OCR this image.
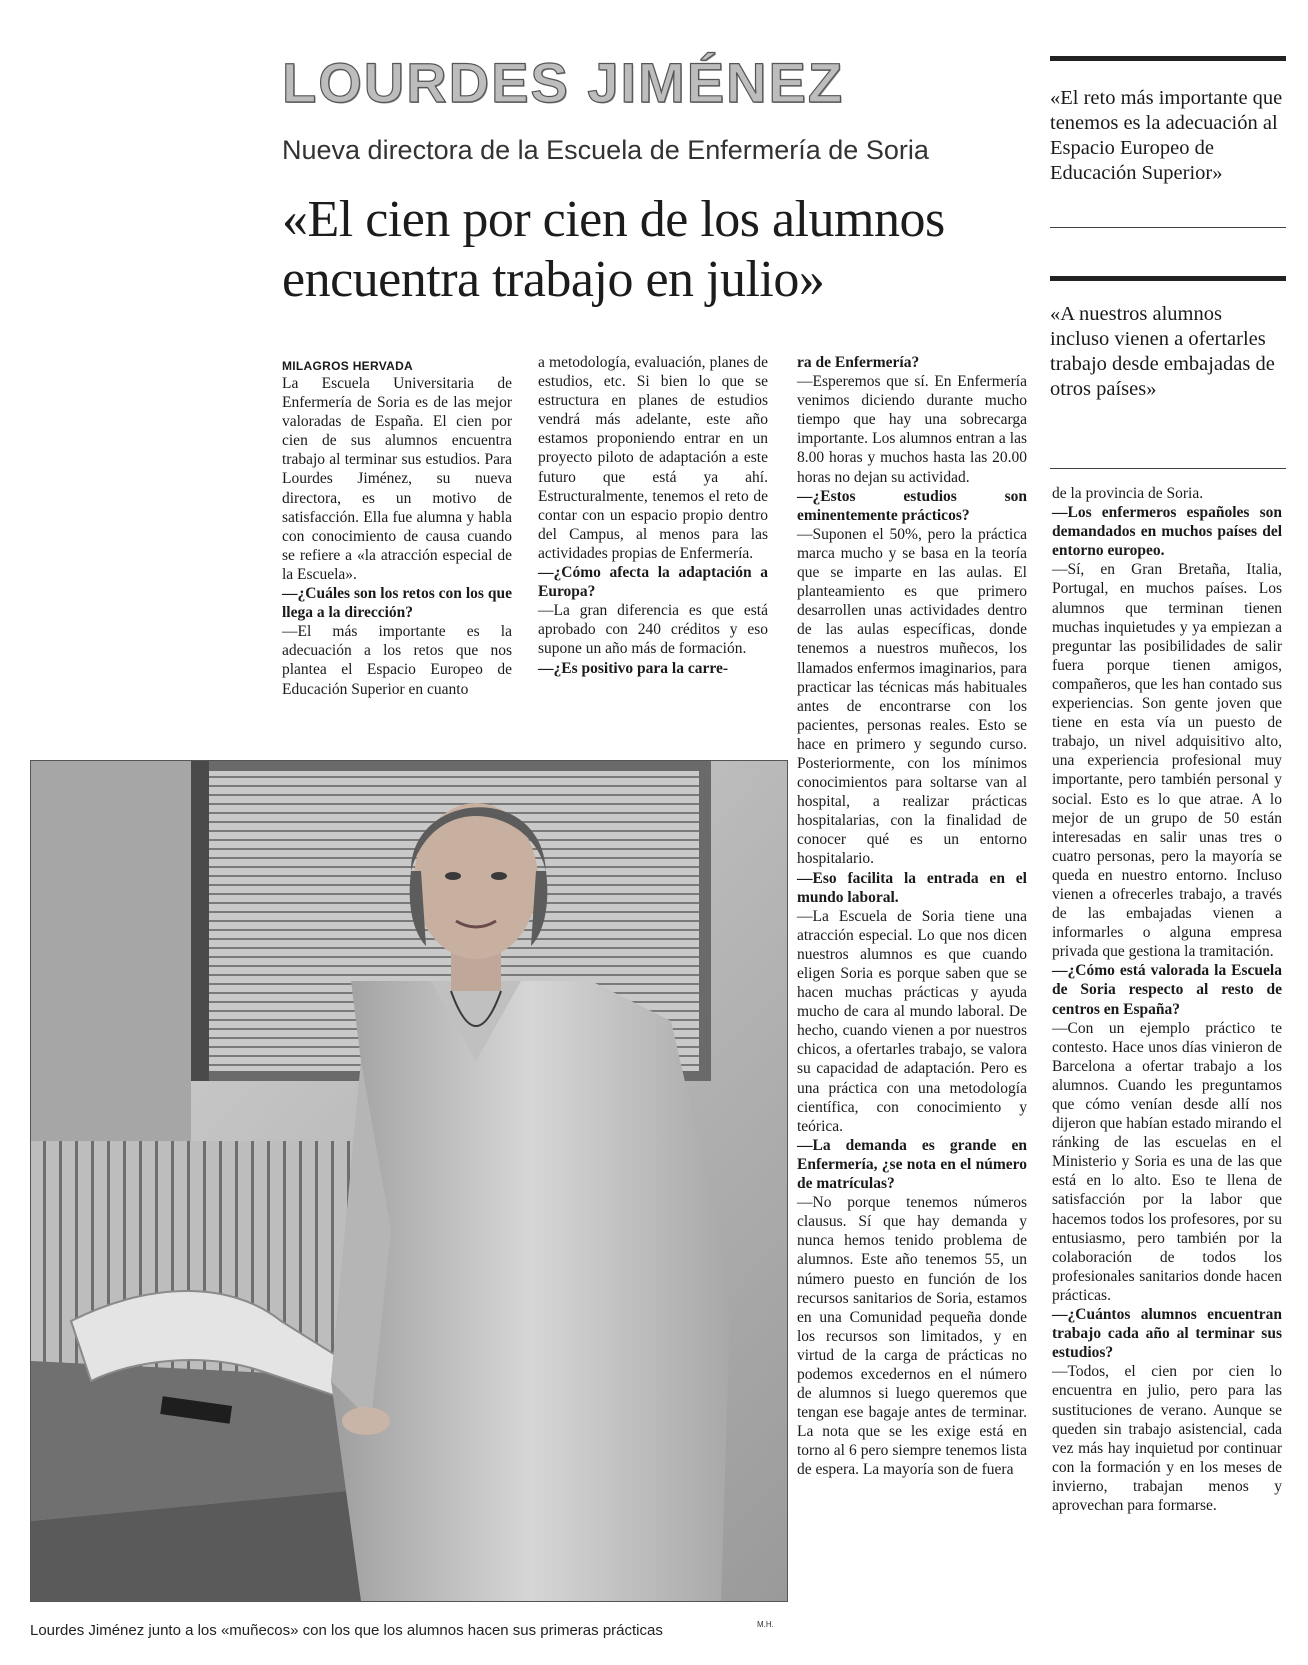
LOURDES JIMÉNEZ
Nueva directora de la Escuela de Enfermería de Soria
«El cien por cien de los alumnos encuentra trabajo en julio»
«El reto más importante que tenemos es la adecuación al Espacio Europeo de Educación Superior»
«A nuestros alumnos incluso vienen a ofertarles trabajo desde embajadas de otros países»
MILAGROS HERVADA

La Escuela Universitaria de Enfermería de Soria es de las mejor valoradas de España. El cien por cien de sus alumnos encuentra trabajo al terminar sus estudios. Para Lourdes Jiménez, su nueva directora, es un motivo de satisfacción. Ella fue alumna y habla con conocimiento de causa cuando se refiere a «la atracción especial de la Escuela».

—¿Cuáles son los retos con los que llega a la dirección?

—El más importante es la adecuación a los retos que nos plantea el Espacio Europeo de Educación Superior en cuanto

a metodología, evaluación, planes de estudios, etc. Si bien lo que se estructura en planes de estudios vendrá más adelante, este año estamos proponiendo entrar en un proyecto piloto de adaptación a este futuro que está ya ahí. Estructuralmente, tenemos el reto de contar con un espacio propio dentro del Campus, al menos para las actividades propias de Enfermería.

—¿Cómo afecta la adaptación a Europa?

—La gran diferencia es que está aprobado con 240 créditos y eso supone un año más de formación.

—¿Es positivo para la carre-

ra de Enfermería?

—Esperemos que sí. En Enfermería venimos diciendo durante mucho tiempo que hay una sobrecarga importante. Los alumnos entran a las 8.00 horas y muchos hasta las 20.00 horas no dejan su actividad.

—¿Estos estudios son eminentemente prácticos?

—Suponen el 50%, pero la práctica marca mucho y se basa en la teoría que se imparte en las aulas. El planteamiento es que primero desarrollen unas actividades dentro de las aulas específicas, donde tenemos a nuestros muñecos, los llamados enfermos imaginarios, para practicar las técnicas más habituales antes de encontrarse con los pacientes, personas reales. Esto se hace en primero y segundo curso. Posteriormente, con los mínimos conocimientos para soltarse van al hospital, a realizar prácticas hospitalarias, con la finalidad de conocer qué es un entorno hospitalario.

—Eso facilita la entrada en el mundo laboral.

—La Escuela de Soria tiene una atracción especial. Lo que nos dicen nuestros alumnos es que cuando eligen Soria es porque saben que se hacen muchas prácticas y ayuda mucho de cara al mundo laboral. De hecho, cuando vienen a por nuestros chicos, a ofertarles trabajo, se valora su capacidad de adaptación. Pero es una práctica con una metodología científica, con conocimiento y teórica.

—La demanda es grande en Enfermería, ¿se nota en el número de matrículas?

—No porque tenemos números clausus. Sí que hay demanda y nunca hemos tenido problema de alumnos. Este año tenemos 55, un número puesto en función de los recursos sanitarios de Soria, estamos en una Comunidad pequeña donde los recursos son limitados, y en virtud de la carga de prácticas no podemos excedernos en el número de alumnos si luego queremos que tengan ese bagaje antes de terminar. La nota que se les exige está en torno al 6 pero siempre tenemos lista de espera. La mayoría son de fuera

de la provincia de Soria.

—Los enfermeros españoles son demandados en muchos países del entorno europeo.

—Sí, en Gran Bretaña, Italia, Portugal, en muchos países. Los alumnos que terminan tienen muchas inquietudes y ya empiezan a preguntar las posibilidades de salir fuera porque tienen amigos, compañeros, que les han contado sus experiencias. Son gente joven que tiene en esta vía un puesto de trabajo, un nivel adquisitivo alto, una experiencia profesional muy importante, pero también personal y social. Esto es lo que atrae. A lo mejor de un grupo de 50 están interesadas en salir unas tres o cuatro personas, pero la mayoría se queda en nuestro entorno. Incluso vienen a ofrecerles trabajo, a través de las embajadas vienen a informarles o alguna empresa privada que gestiona la tramitación.

—¿Cómo está valorada la Escuela de Soria respecto al resto de centros en España?

—Con un ejemplo práctico te contesto. Hace unos días vinieron de Barcelona a ofertar trabajo a los alumnos. Cuando les preguntamos que cómo venían desde allí nos dijeron que habían estado mirando el ránking de las escuelas en el Ministerio y Soria es una de las que está en lo alto. Eso te llena de satisfacción por la labor que hacemos todos los profesores, por su entusiasmo, pero también por la colaboración de todos los profesionales sanitarios donde hacen prácticas.

—¿Cuántos alumnos encuentran trabajo cada año al terminar sus estudios?

—Todos, el cien por cien lo encuentra en julio, pero para las sustituciones de verano. Aunque se queden sin trabajo asistencial, cada vez más hay inquietud por continuar con la formación y en los meses de invierno, trabajan menos y aprovechan para formarse.

Lourdes Jiménez junto a los «muñecos» con los que los alumnos hacen sus primeras prácticas	M.H.
